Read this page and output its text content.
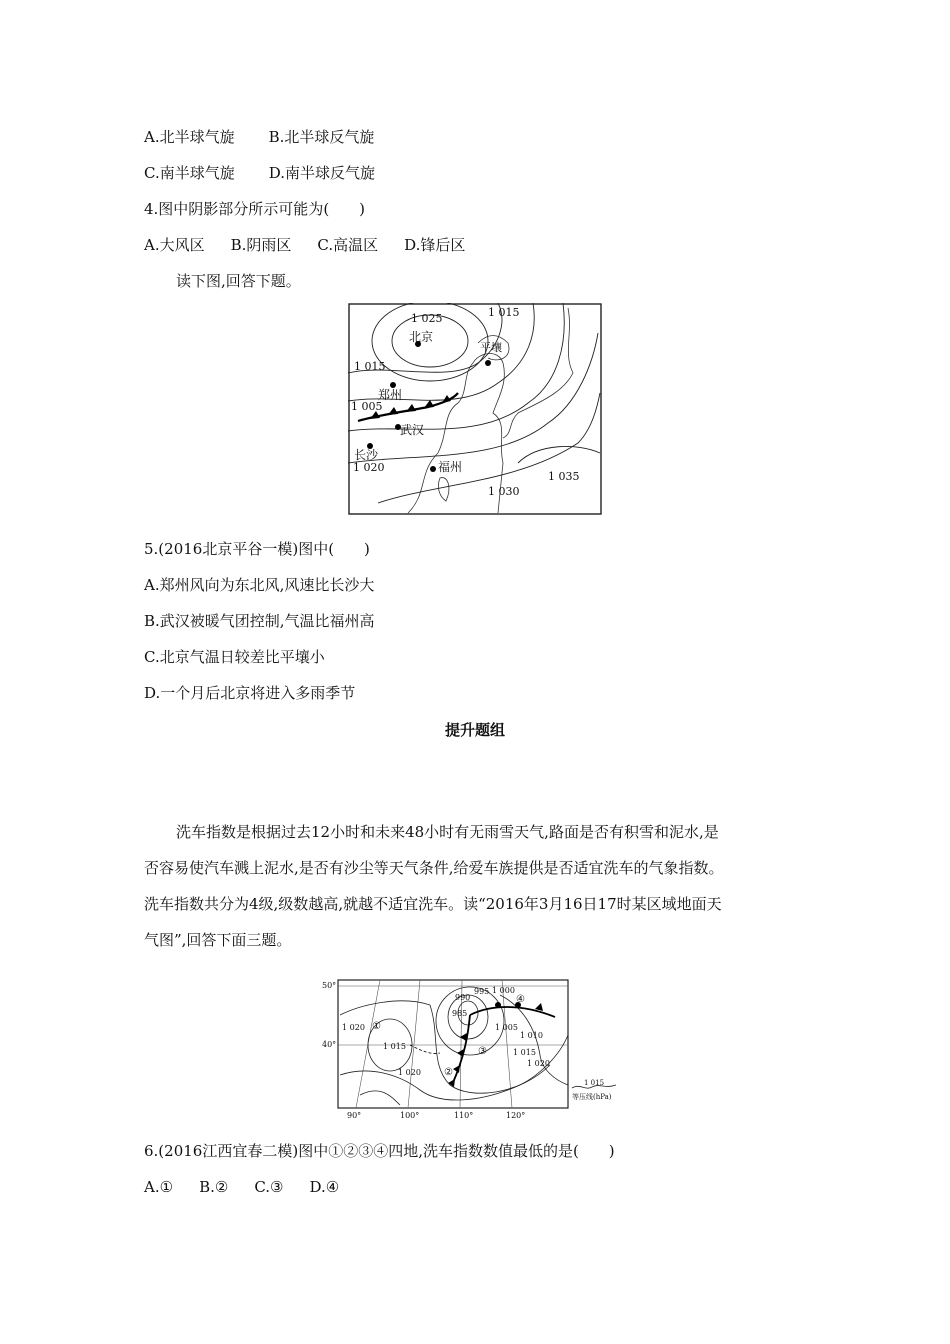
A.北半球气旋 B.北半球反气旋
C.南半球气旋 D.南半球反气旋
4.图中阴影部分所示可能为(　　)
A.大风区 B.阴雨区 C.高温区 D.锋后区
读下图,回答下题。
1 025	1 015
1 015
1 005
1 020
1 030
1 035
北京
平壤
郑州
武汉
长沙
福州
5.(2016北京平谷一模)图中(　　)
A.郑州风向为东北风,风速比长沙大
B.武汉被暖气团控制,气温比福州高
C.北京气温日较差比平壤小
D.一个月后北京将进入多雨季节
提升题组
洗车指数是根据过去12小时和未来48小时有无雨雪天气,路面是否有积雪和泥水,是
否容易使汽车溅上泥水,是否有沙尘等天气条件,给爱车族提供是否适宜洗车的气象指数。
洗车指数共分为4级,级数越高,就越不适宜洗车。读“2016年3月16日17时某区域地面天
气图”,回答下面三题。
50°
40°
90°	100°	110°	120°
990
995 1 000
985
1 005
1 010
1 015
1 015
1 020
1 020
1 020
①
②
③
④
1 015
等压线(hPa)
6.(2016江西宜春二模)图中①②③④四地,洗车指数数值最低的是(　　)
A.① B.② C.③ D.④
